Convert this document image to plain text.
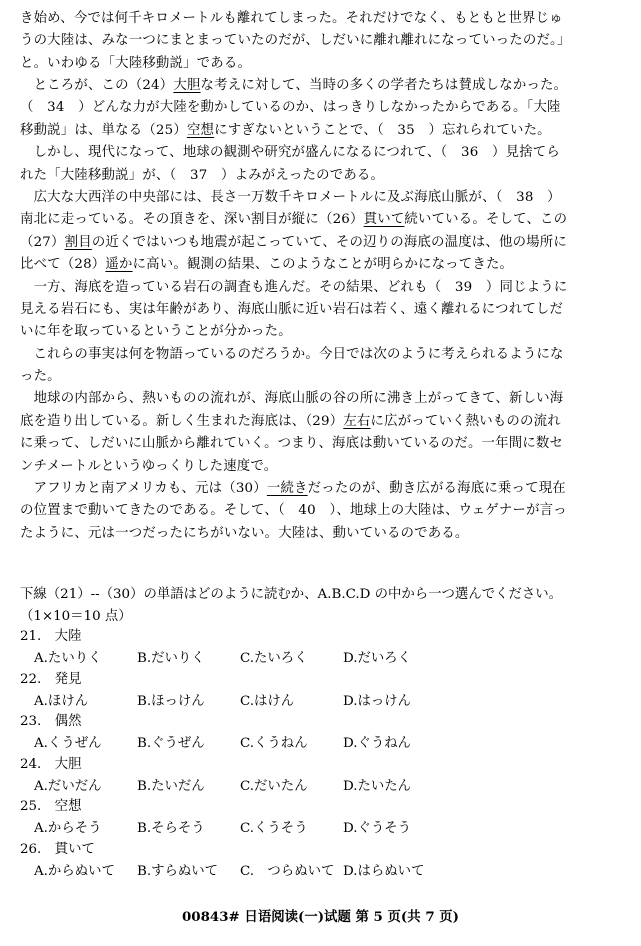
き始め、今では何千キロメートルも離れてしまった。それだけでなく、もともと世界じゅ
うの大陸は、みな一つにまとまっていたのだが、しだいに離れ離れになっていったのだ。」
と。いわゆる「大陸移動説」である。
　ところが、この（24）大胆な考えに対して、当時の多くの学者たちは賛成しなかった。
（　34　）どんな力が大陸を動かしているのか、はっきりしなかったからである。「大陸
移動説」は、単なる（25）空想にすぎないということで、（　35　）忘れられていた。
　しかし、現代になって、地球の観測や研究が盛んになるにつれて、（　36　）見捨てら
れた「大陸移動説」が、（　37　）よみがえったのである。
　広大な大西洋の中央部には、長さ一万数千キロメートルに及ぶ海底山脈が、（　38　）
南北に走っている。その頂きを、深い割目が縦に（26）貫いて続いている。そして、この
（27）割目の近くではいつも地震が起こっていて、その辺りの海底の温度は、他の場所に
比べて（28）遥かに高い。観測の結果、このようなことが明らかになってきた。
　一方、海底を造っている岩石の調査も進んだ。その結果、どれも（　39　）同じように
見える岩石にも、実は年齢があり、海底山脈に近い岩石は若く、遠く離れるにつれてしだ
いに年を取っているということが分かった。
　これらの事実は何を物語っているのだろうか。今日では次のように考えられるようにな
った。
　地球の内部から、熱いものの流れが、海底山脈の谷の所に沸き上がってきて、新しい海
底を造り出している。新しく生まれた海底は、（29）左右に広がっていく熱いものの流れ
に乗って、しだいに山脈から離れていく。つまり、海底は動いているのだ。一年間に数セ
ンチメートルというゆっくりした速度で。
　アフリカと南アメリカも、元は（30）一続きだったのが、動き広がる海底に乗って現在
の位置まで動いてきたのである。そして、（　40　）、地球上の大陸は、ウェゲナーが言っ
たように、元は一つだったにちがいない。大陸は、動いているのである。
下線（21）--（30）の単語はどのように読むか、A.B.C.D の中から一つ選んでください。
（1×10＝10 点）
21.　大陸
A.たいりく	B.だいりく	C.たいろく	D.だいろく
22.　発見
A.ほけん	B.ほっけん	C.はけん	D.はっけん
23.　偶然
A.くうぜん	B.ぐうぜん	C.くうねん	D.ぐうねん
24.　大胆
A.だいだん	B.たいだん	C.だいたん	D.たいたん
25.　空想
A.からそう	B.そらそう	C.くうそう	D.ぐうそう
26.　貫いて
A.からぬいて B.すらぬいて C.　つらぬいて D.はらぬいて
00843# 日语阅读(一)试题 第 5 页(共 7 页)
